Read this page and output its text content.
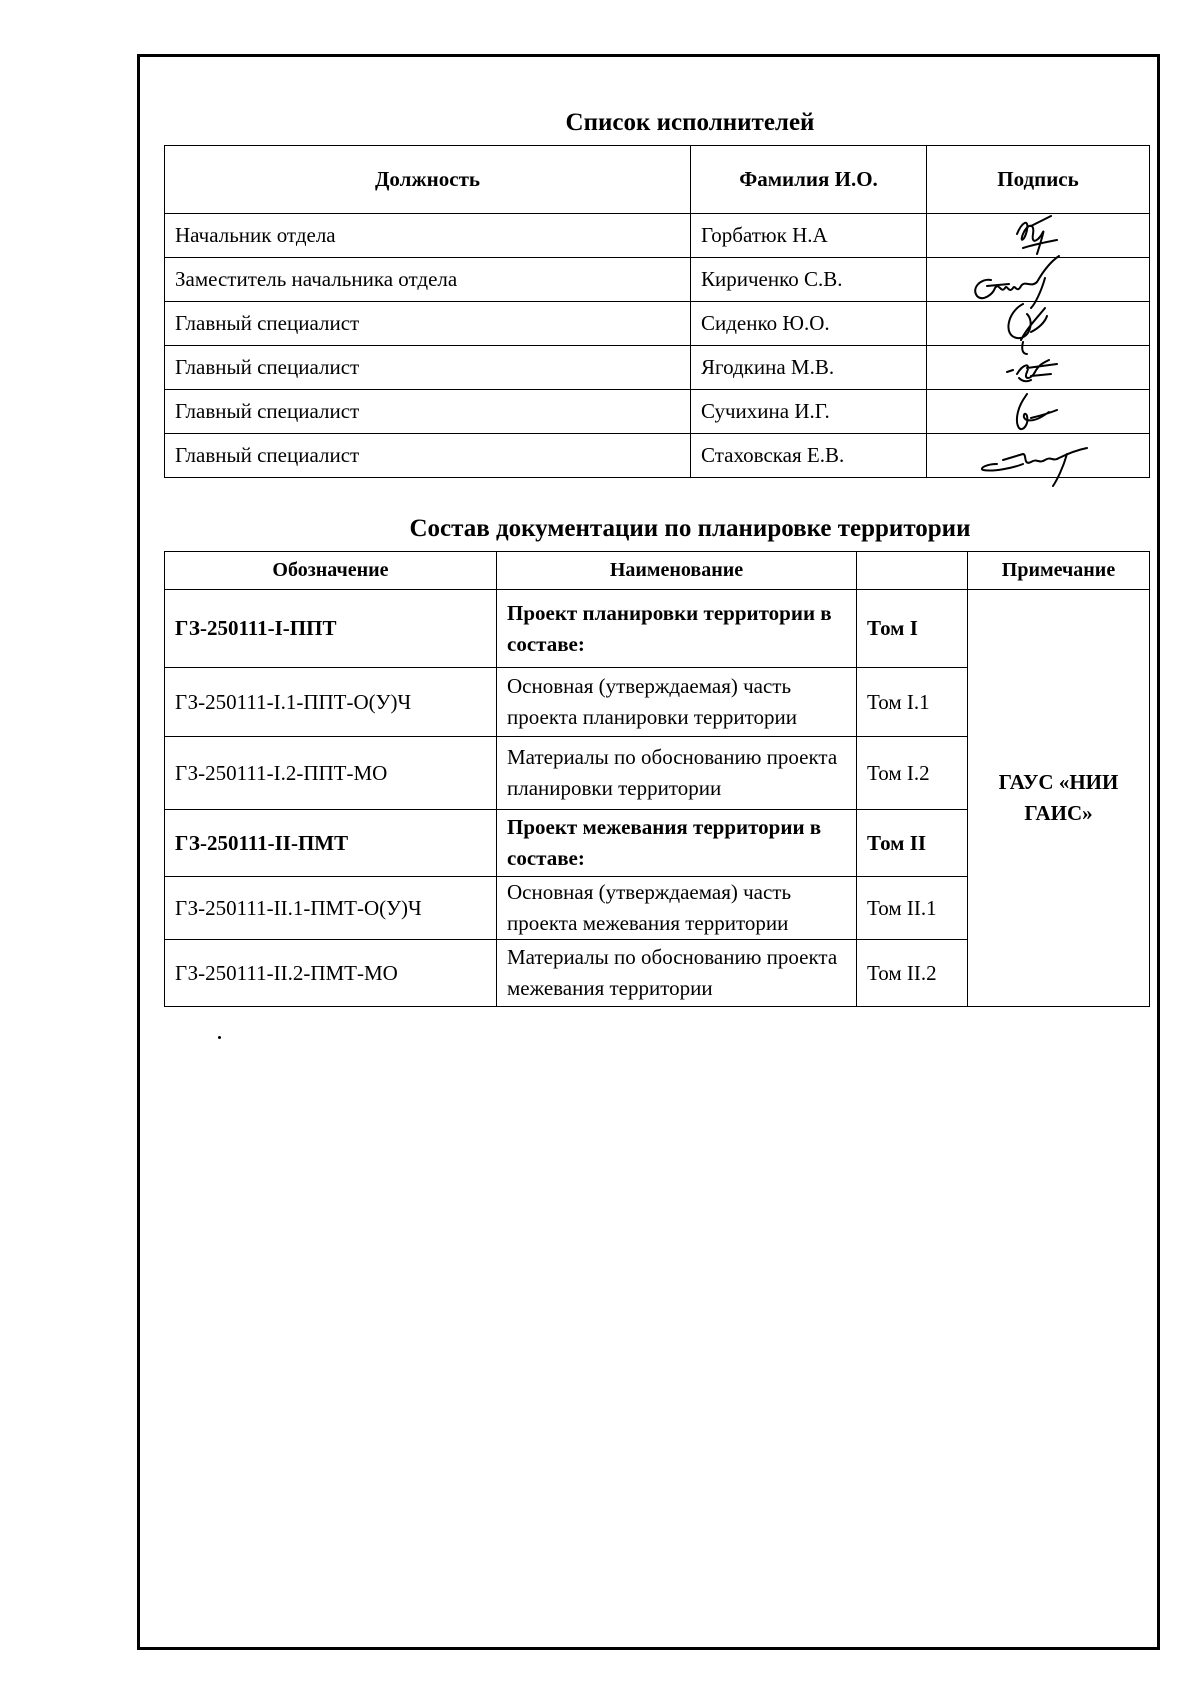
Список исполнителей
Должность	Фамилия И.О.	Подпись
Начальник отдела	Горбатюк Н.А	

Заместитель начальника отдела	Кириченко С.В.	

Главный специалист	Сиденко Ю.О.	

Главный специалист	Ягодкина М.В.	

Главный специалист	Сучихина И.Г.	

Главный специалист	Стаховская Е.В.	
Состав документации по планировке территории
Обозначение	Наименование		Примечание
ГЗ-250111-I-ППТ	Проект планировки территории в составе:	Том I	ГАУС «НИИ ГАИС»
ГЗ-250111-I.1-ППТ-О(У)Ч	Основная (утверждаемая) часть проекта планировки территории	Том I.1	
ГЗ-250111-I.2-ППТ-МО	Материалы по обоснованию проекта планировки территории	Том I.2	
ГЗ-250111-II-ПМТ	Проект межевания территории в составе:	Том II	
ГЗ-250111-II.1-ПМТ-О(У)Ч	Основная (утверждаемая) часть проекта межевания территории	Том II.1	
ГЗ-250111-II.2-ПМТ-МО	Материалы по обоснованию проекта межевания территории	Том II.2	
